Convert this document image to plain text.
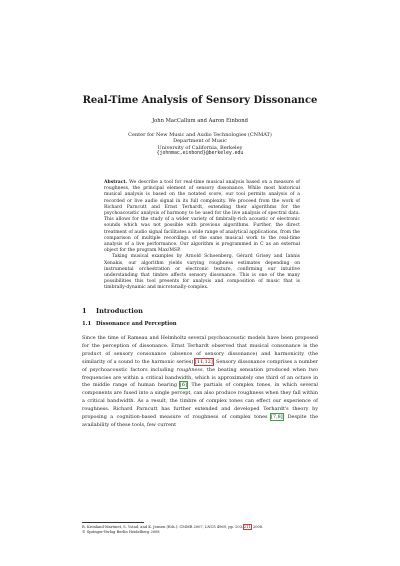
Real-Time Analysis of Sensory Dissonance
John MacCallum and Aaron Einbond
Center for New Music and Audio Technologies (CNMAT)
Department of Music
University of California, Berkeley
{johnmac,einbond}@berkeley.edu

Abstract. We describe a tool for real-time musical analysis based on a measure of roughness, the principal element of sensory dissonance. While most historical musical analysis is based on the notated score, our tool permits analysis of a recorded or live audio signal in its full complexity. We proceed from the work of Richard Parncutt and Ernst Terhardt, extending their algorithms for the psychoacoustic analysis of harmony to be used for the live analysis of spectral data. This allows for the study of a wider variety of timbrally-rich acoustic or electronic sounds which was not possible with previous algorithms. Further, the direct treatment of audio signal facilitates a wide range of analytical applications, from the comparison of multiple recordings of the same musical work to the real-time analysis of a live performance. Our algorithm is programmed in C as an external object for the program Max/MSP.

Taking musical examples by Arnold Schoenberg, Gérard Grisey and Iannis Xenakis, our algorithm yields varying roughness estimates depending on instrumental orchestration or electronic texture, confirming our intuitive understanding that timbre affects sensory dissonance. This is one of the many possibilities this tool presents for analysis and composition of music that is timbrally-dynamic and microtonally-complex.

1 Introduction
1.1 Dissonance and Perception

Since the time of Rameau and Helmholtz several psychoacoustic models have been proposed for the perception of dissonance. Ernst Terhardt observed that musical consonance is the product of sensory consonance (absence of sensory dissonance) and harmonicity (the similarity of a sound to the harmonic series) [11,12]. Sensory dissonance comprises a number of psychoacoustic factors including roughness, the beating sensation produced when two frequencies are within a critical bandwidth, which is approximately one third of an octave in the middle range of human hearing [6]. The partials of complex tones, in which several components are fused into a single percept, can also produce roughness when they fall within a critical bandwidth. As a result, the timbre of complex tones can effect our experience of roughness. Richard Parncutt has further extended and developed Terhardt's theory by proposing a cognition-based measure of roughness of complex tones [7,8]. Despite the availability of these tools, few current

R. Kronland-Martinet, S. Ystad, and K. Jensen (Eds.): CMMR 2007, LNCS 4969, pp. 203–211, 2008.
© Springer-Verlag Berlin Heidelberg 2008
